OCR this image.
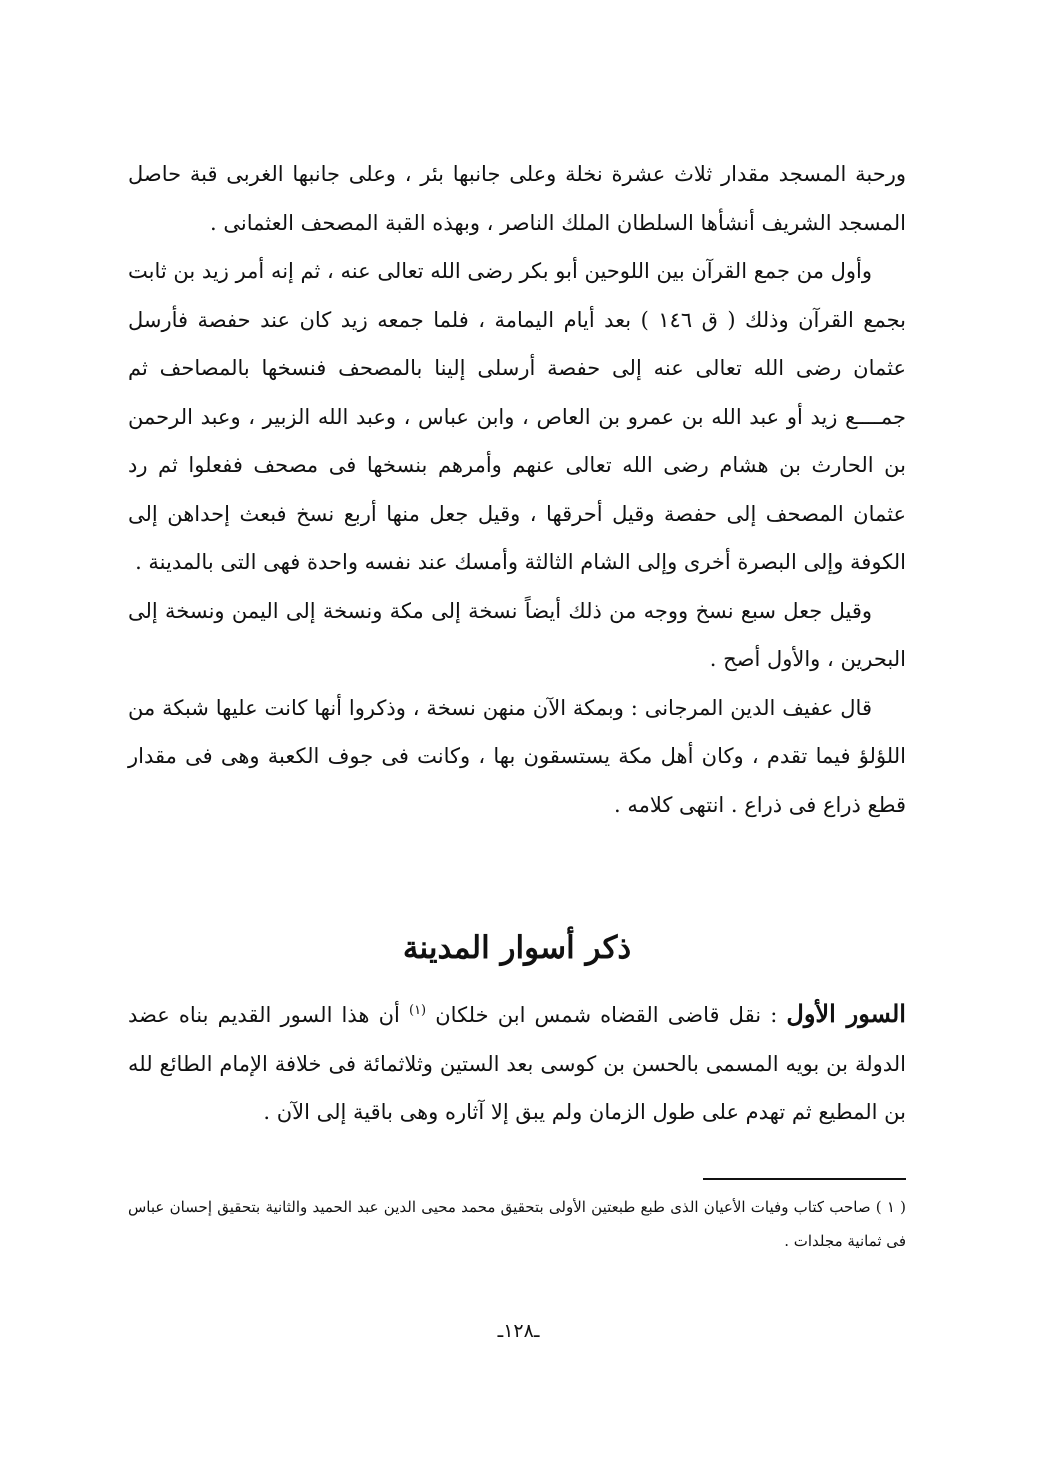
ورحبة المسجد مقدار ثلاث عشرة نخلة وعلى جانبها بئر ، وعلى جانبها الغربى قبة حاصل المسجد الشريف أنشأها السلطان الملك الناصر ، وبهذه القبة المصحف العثمانى .

وأول من جمع القرآن بين اللوحين أبو بكر رضى الله تعالى عنه ، ثم إنه أمر زيد بن ثابت بجمع القرآن وذلك ( ق ١٤٦ ) بعد أيام اليمامة ، فلما جمعه زيد كان عند حفصة فأرسل عثمان رضى الله تعالى عنه إلى حفصة أرسلى إلينا بالمصحف فنسخها بالمصاحف ثم جمــــع زيد أو عبد الله بن عمرو بن العاص ، وابن عباس ، وعبد الله الزبير ، وعبد الرحمن بن الحارث بن هشام رضى الله تعالى عنهم وأمرهم بنسخها فى مصحف ففعلوا ثم رد عثمان المصحف إلى حفصة وقيل أحرقها ، وقيل جعل منها أربع نسخ فبعث إحداهن إلى الكوفة وإلى البصرة أخرى وإلى الشام الثالثة وأمسك عند نفسه واحدة فهى التى بالمدينة .

وقيل جعل سبع نسخ ووجه من ذلك أيضاً نسخة إلى مكة ونسخة إلى اليمن ونسخة إلى البحرين ، والأول أصح .

قال عفيف الدين المرجانى : وبمكة الآن منهن نسخة ، وذكروا أنها كانت عليها شبكة من اللؤلؤ فيما تقدم ، وكان أهل مكة يستسقون بها ، وكانت فى جوف الكعبة وهى فى مقدار قطع ذراع فى ذراع . انتهى كلامه .

ذكر أسوار المدينة

السور الأول : نقل قاضى القضاه شمس ابن خلكان $^{(١)}$ أن هذا السور القديم بناه عضد الدولة بن بويه المسمى بالحسن بن كوسى بعد الستين وثلاثمائة فى خلافة الإمام الطائع لله بن المطيع ثم تهدم على طول الزمان ولم يبق إلا آثاره وهى باقية إلى الآن .

( ١ ) صاحب كتاب وفيات الأعيان الذى طبع طبعتين الأولى بتحقيق محمد محيى الدين عبد الحميد والثانية بتحقيق إحسان عباس فى ثمانية مجلدات .

ـ١٢٨ـ
